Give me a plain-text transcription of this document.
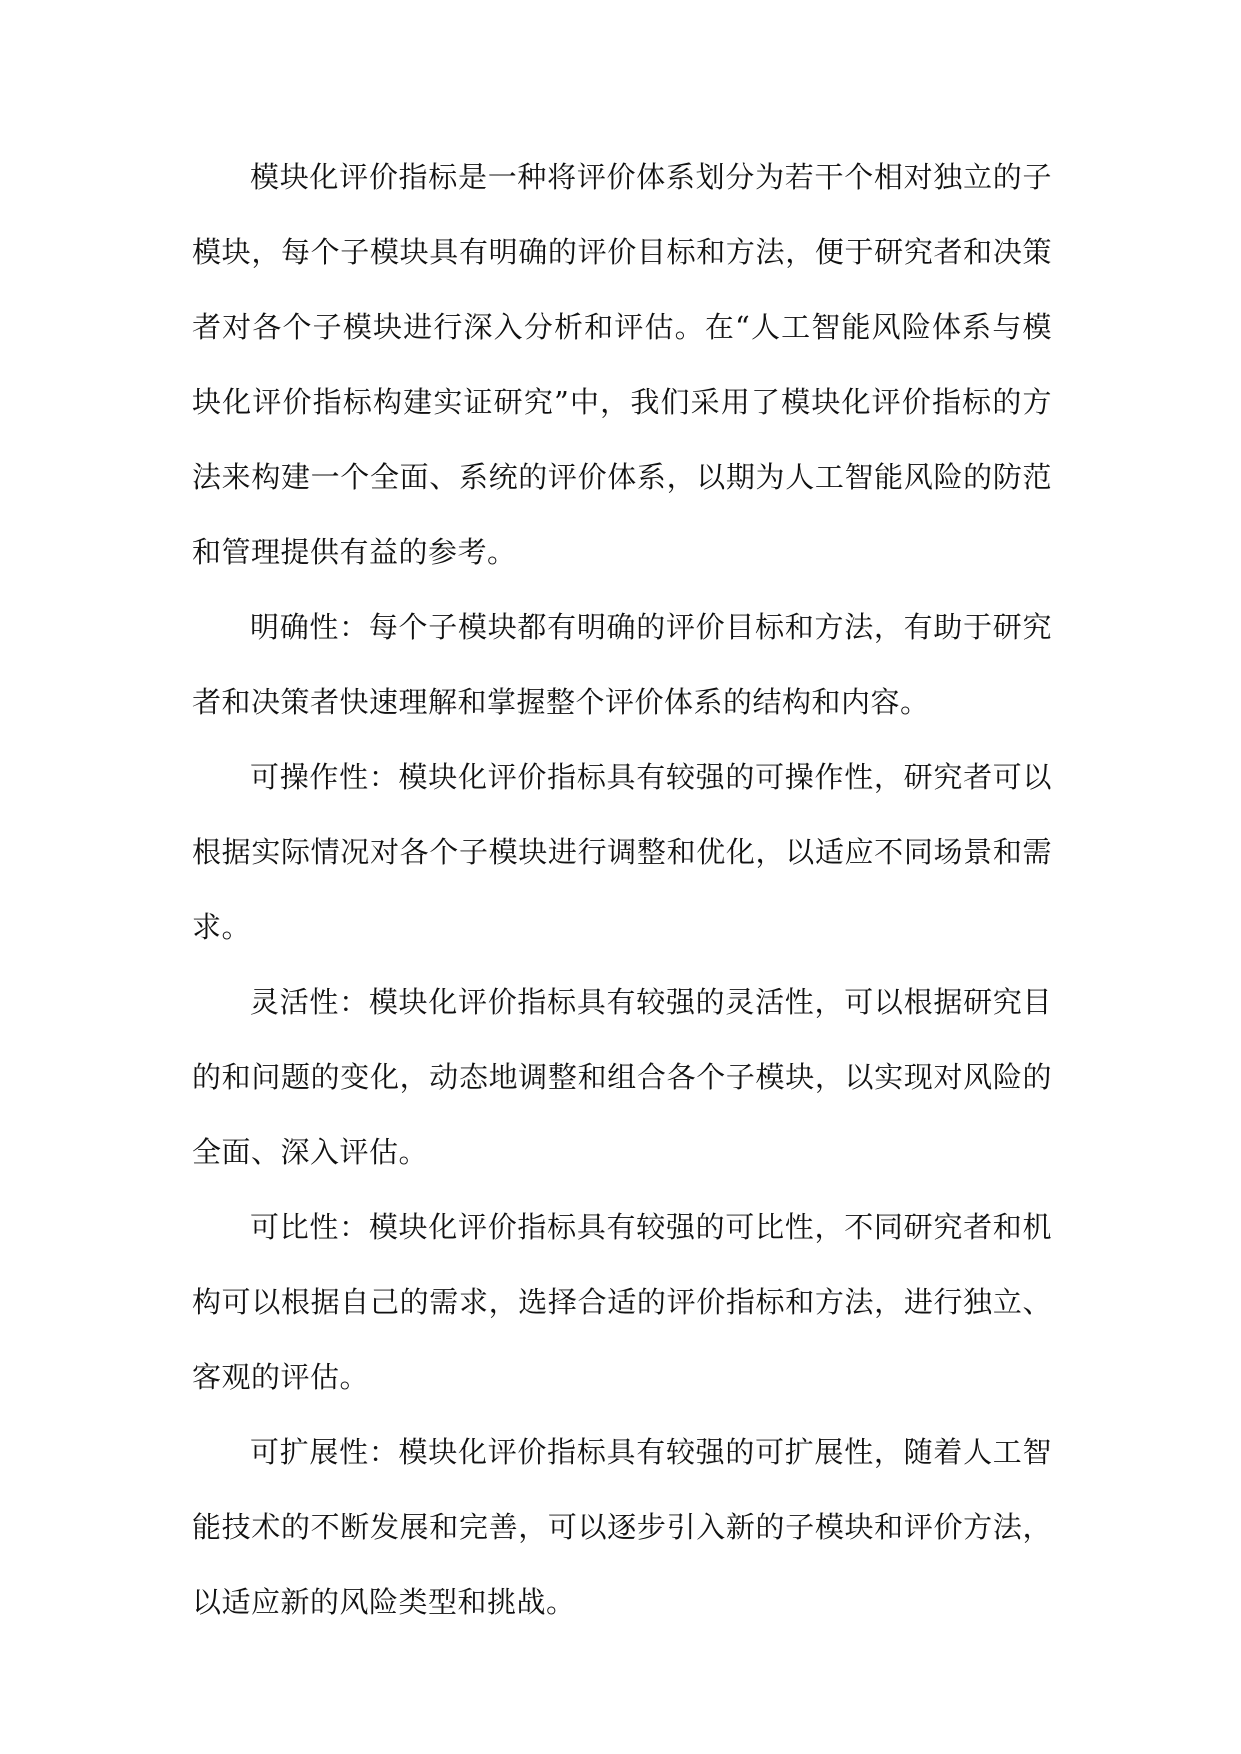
模块化评价指标是一种将评价体系划分为若干个相对独立的子模块，每个子模块具有明确的评价目标和方法，便于研究者和决策者对各个子模块进行深入分析和评估。在“人工智能风险体系与模块化评价指标构建实证研究”中，我们采用了模块化评价指标的方法来构建一个全面、系统的评价体系，以期为人工智能风险的防范和管理提供有益的参考。

明确性：每个子模块都有明确的评价目标和方法，有助于研究者和决策者快速理解和掌握整个评价体系的结构和内容。

可操作性：模块化评价指标具有较强的可操作性，研究者可以根据实际情况对各个子模块进行调整和优化，以适应不同场景和需求。

灵活性：模块化评价指标具有较强的灵活性，可以根据研究目的和问题的变化，动态地调整和组合各个子模块，以实现对风险的全面、深入评估。

可比性：模块化评价指标具有较强的可比性，不同研究者和机构可以根据自己的需求，选择合适的评价指标和方法，进行独立、客观的评估。

可扩展性：模块化评价指标具有较强的可扩展性，随着人工智能技术的不断发展和完善，可以逐步引入新的子模块和评价方法，以适应新的风险类型和挑战。
